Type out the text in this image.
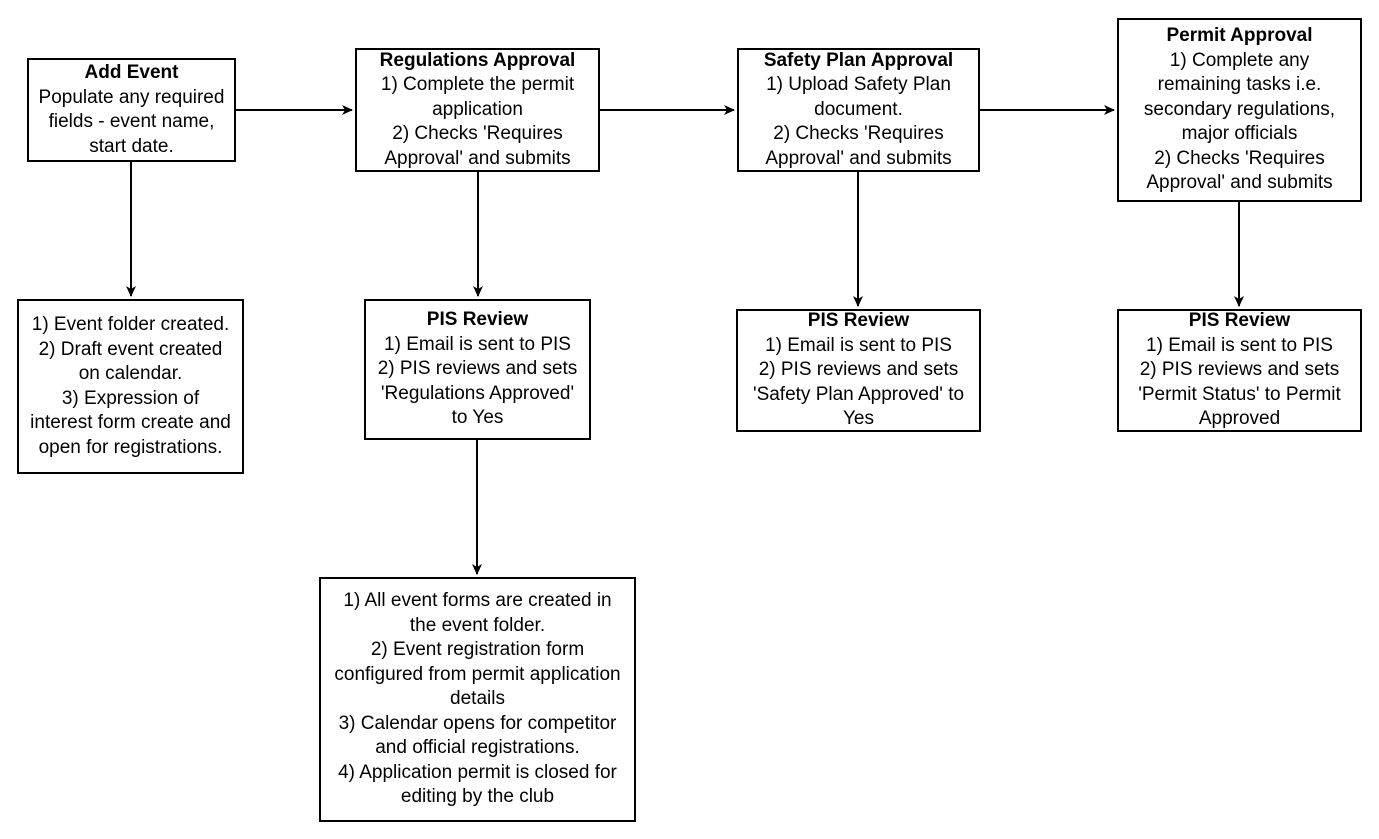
Add Event
Populate any required
fields - event name,
start date.
Regulations Approval
1) Complete the permit
application
2) Checks 'Requires
Approval' and submits
Safety Plan Approval
1) Upload Safety Plan
document.
2) Checks 'Requires
Approval' and submits
Permit Approval
1) Complete any
remaining tasks i.e.
secondary regulations,
major officials
2) Checks 'Requires
Approval' and submits
1) Event folder created.
2) Draft event created
on calendar.
3) Expression of
interest form create and
open for registrations.
PIS Review
1) Email is sent to PIS
2) PIS reviews and sets
'Regulations Approved'
to Yes
PIS Review
1) Email is sent to PIS
2) PIS reviews and sets
'Safety Plan Approved' to
Yes
PIS Review
1) Email is sent to PIS
2) PIS reviews and sets
'Permit Status' to Permit
Approved
1) All event forms are created in
the event folder.
2) Event registration form
configured from permit application
details
3) Calendar opens for competitor
and official registrations.
4) Application permit is closed for
editing by the club
